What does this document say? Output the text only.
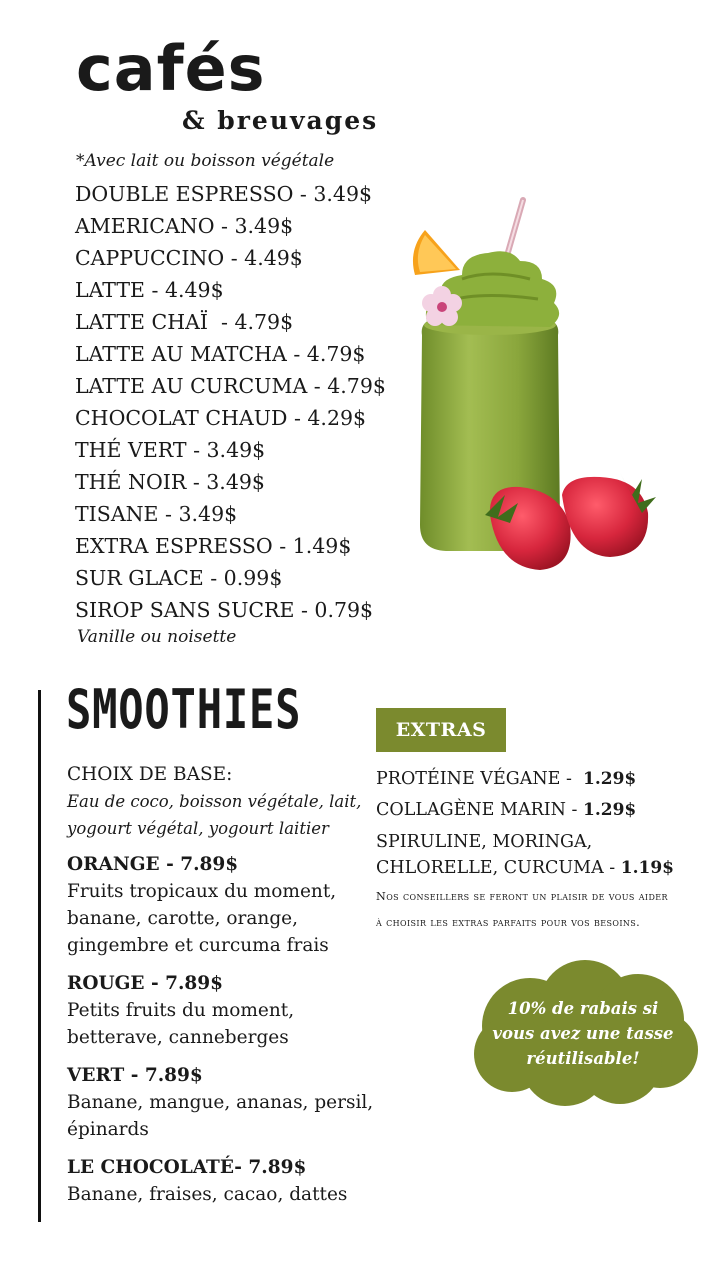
cafés
& breuvages
*Avec lait ou boisson végétale
DOUBLE ESPRESSO - 3.49$
AMERICANO - 3.49$
CAPPUCCINO - 4.49$
LATTE - 4.49$
LATTE CHAÏ  - 4.79$
LATTE AU MATCHA - 4.79$
LATTE AU CURCUMA - 4.79$
CHOCOLAT CHAUD - 4.29$
THÉ VERT - 3.49$
THÉ NOIR - 3.49$
TISANE - 3.49$
EXTRA ESPRESSO - 1.49$
SUR GLACE - 0.99$
SIROP SANS SUCRE - 0.79$
Vanille ou noisette
SMOOTHIES
CHOIX DE BASE:
Eau de coco, boisson végétale, lait,
yogourt végétal, yogourt laitier
ORANGE - 7.89$
Fruits tropicaux du moment,
banane, carotte, orange,
gingembre et curcuma frais
ROUGE - 7.89$
Petits fruits du moment,
betterave, canneberges
VERT - 7.89$
Banane, mangue, ananas, persil,
épinards
LE CHOCOLATÉ- 7.89$
Banane, fraises, cacao, dattes
EXTRAS
PROTÉINE VÉGANE -  1.29$
COLLAGÈNE MARIN - 1.29$
SPIRULINE, MORINGA,
CHLORELLE, CURCUMA - 1.19$
Nos conseillers se feront un plaisir de vous aider
à choisir les extras parfaits pour vos besoins.
10% de rabais si
vous avez une tasse
réutilisable!
